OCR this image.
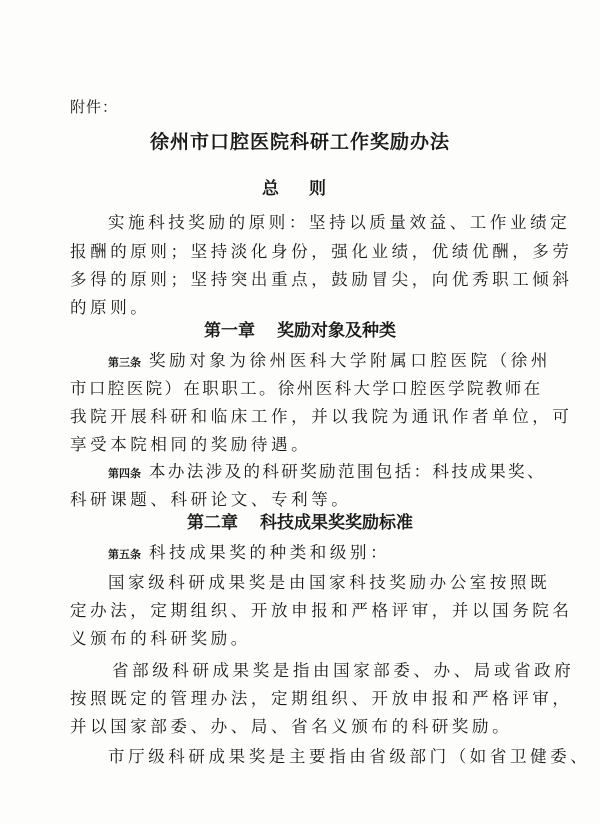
附件：
徐州市口腔医院科研工作奖励办法
总 则
实施科技奖励的原则：坚持以质量效益、工作业绩定
报酬的原则；坚持淡化身份，强化业绩，优绩优酬，多劳
多得的原则；坚持突出重点，鼓励冒尖，向优秀职工倾斜
的原则。
第一章 奖励对象及种类
第三条 奖励对象为徐州医科大学附属口腔医院（徐州
市口腔医院）在职职工。徐州医科大学口腔医学院教师在
我院开展科研和临床工作，并以我院为通讯作者单位，可
享受本院相同的奖励待遇。
第四条 本办法涉及的科研奖励范围包括：科技成果奖、
科研课题、科研论文、专利等。
第二章 科技成果奖奖励标准
第五条 科技成果奖的种类和级别：
国家级科研成果奖是由国家科技奖励办公室按照既
定办法，定期组织、开放申报和严格评审，并以国务院名
义颁布的科研奖励。
省部级科研成果奖是指由国家部委、办、局或省政府
按照既定的管理办法，定期组织、开放申报和严格评审，
并以国家部委、办、局、省名义颁布的科研奖励。
市厅级科研成果奖是主要指由省级部门（如省卫健委、
